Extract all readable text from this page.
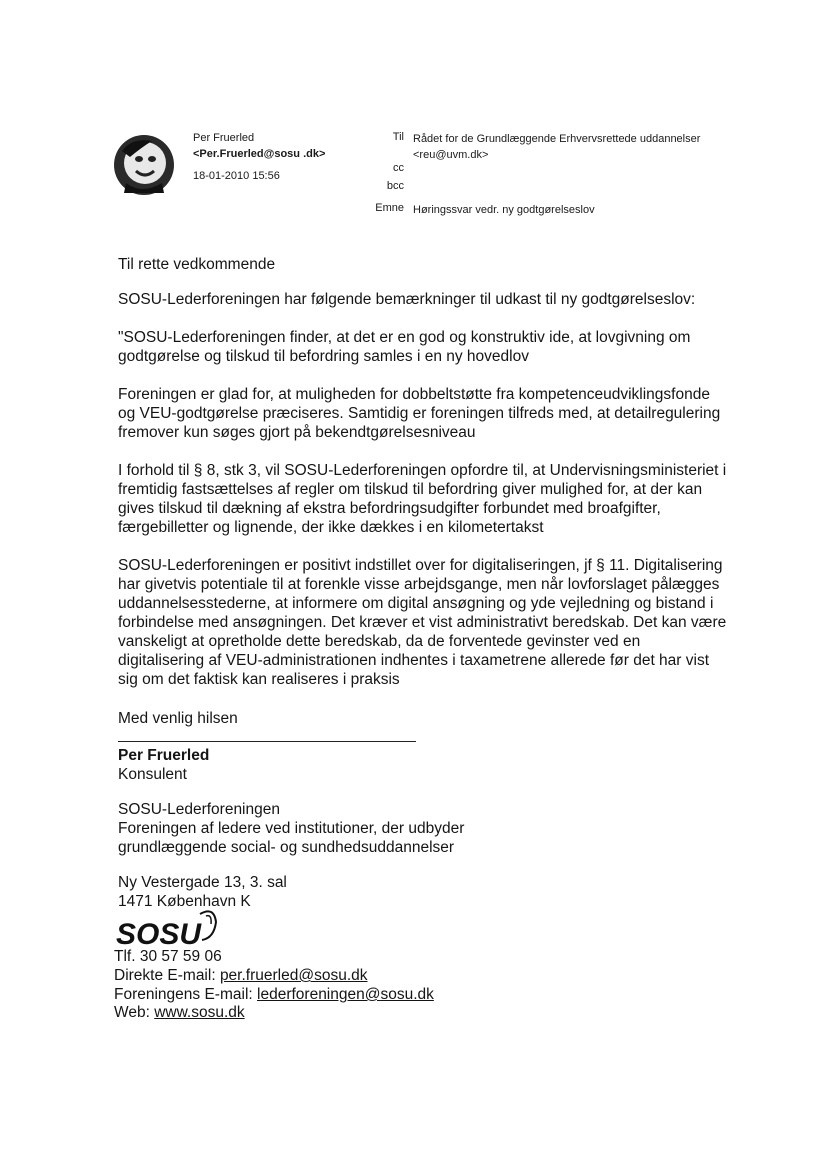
Per Fruerled
<Per.Fruerled@sosu .dk>
18-01-2010 15:56
Til Rådet for de Grundlæggende Erhvervsrettede uddannelser
<reu@uvm.dk>
cc
bcc
Emne Høringssvar vedr. ny godtgørelseslov
Til rette vedkommende
SOSU-Lederforeningen har følgende bemærkninger til udkast til ny godtgørelseslov:

"SOSU-Lederforeningen finder, at det er en god og konstruktiv ide, at lovgivning om godtgørelse og tilskud til befordring samles i en ny hovedlov

Foreningen er glad for, at muligheden for dobbeltstøtte fra kompetenceudviklingsfonde og VEU-godtgørelse præciseres. Samtidig er foreningen tilfreds med, at detailregulering fremover kun søges gjort på bekendtgørelsesniveau

I forhold til § 8, stk 3, vil SOSU-Lederforeningen opfordre til, at Undervisningsministeriet i fremtidig fastsættelses af regler om tilskud til befordring giver mulighed for, at der kan gives tilskud til dækning af ekstra befordringsudgifter forbundet med broafgifter, færgebilletter og lignende, der ikke dækkes i en kilometertakst

SOSU-Lederforeningen er positivt indstillet over for digitaliseringen, jf § 11. Digitalisering har givetvis potentiale til at forenkle visse arbejdsgange, men når lovforslaget pålægges uddannelsesstederne, at informere om digital ansøgning og yde vejledning og bistand i forbindelse med ansøgningen. Det kræver et vist administrativt beredskab. Det kan være vanskeligt at opretholde dette beredskab, da de forventede gevinster ved en digitalisering af VEU-administrationen indhentes i taxametrene allerede før det har vist sig om det faktisk kan realiseres i praksis

Med venlig hilsen
Per Fruerled
Konsulent
SOSU-Lederforeningen
Foreningen af ledere ved institutioner, der udbyder
grundlæggende social- og sundhedsuddannelser
Ny Vestergade 13, 3. sal
1471 København K
SOSU
Tlf. 30 57 59 06
Direkte E-mail: per.fruerled@sosu.dk
Foreningens E-mail: lederforeningen@sosu.dk
Web: www.sosu.dk
